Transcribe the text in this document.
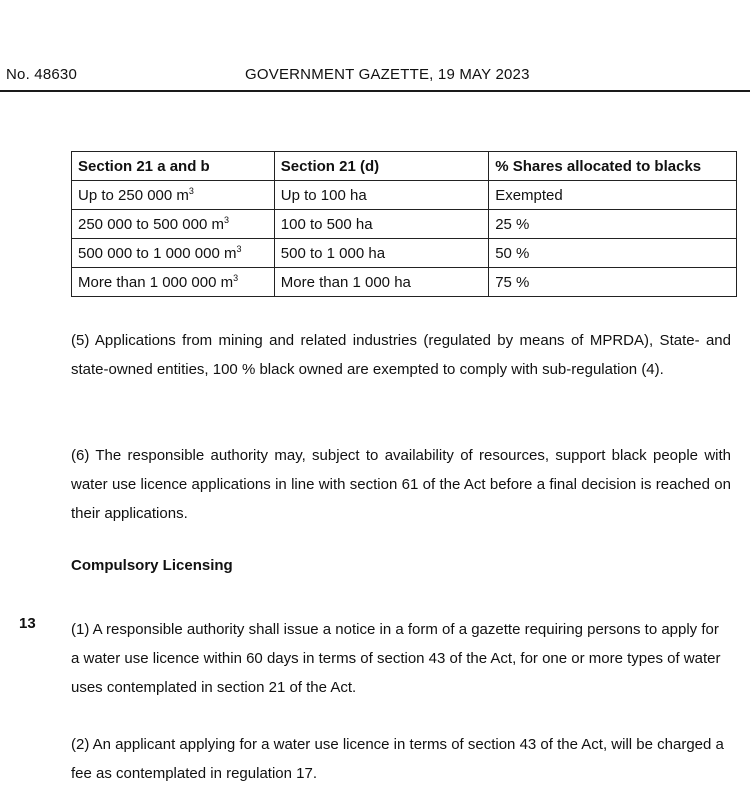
No. 48630	GOVERNMENT GAZETTE, 19 MAY 2023
Section 21 a and b	Section 21 (d)	% Shares allocated to blacks
Up to 250 000 $m^3$	Up to 100 ha	Exempted
250 000 to 500 000 $m^3$	100 to 500 ha	25 %
500 000 to 1 000 000 $m^3$	500 to 1 000 ha	50 %
More than 1 000 000 $m^3$	More than 1 000 ha	75 %

(5) Applications from mining and related industries (regulated by means of MPRDA), State- and state-owned entities, 100 % black owned are exempted to comply with sub-regulation (4).

(6) The responsible authority may, subject to availability of resources, support black people with water use licence applications in line with section 61 of the Act before a final decision is reached on their applications.

Compulsory Licensing

13 (1) A responsible authority shall issue a notice in a form of a gazette requiring persons to apply for a water use licence within 60 days in terms of section 43 of the Act, for one or more types of water uses contemplated in section 21 of the Act.

(2) An applicant applying for a water use licence in terms of section 43 of the Act, will be charged a fee as contemplated in regulation 17.
